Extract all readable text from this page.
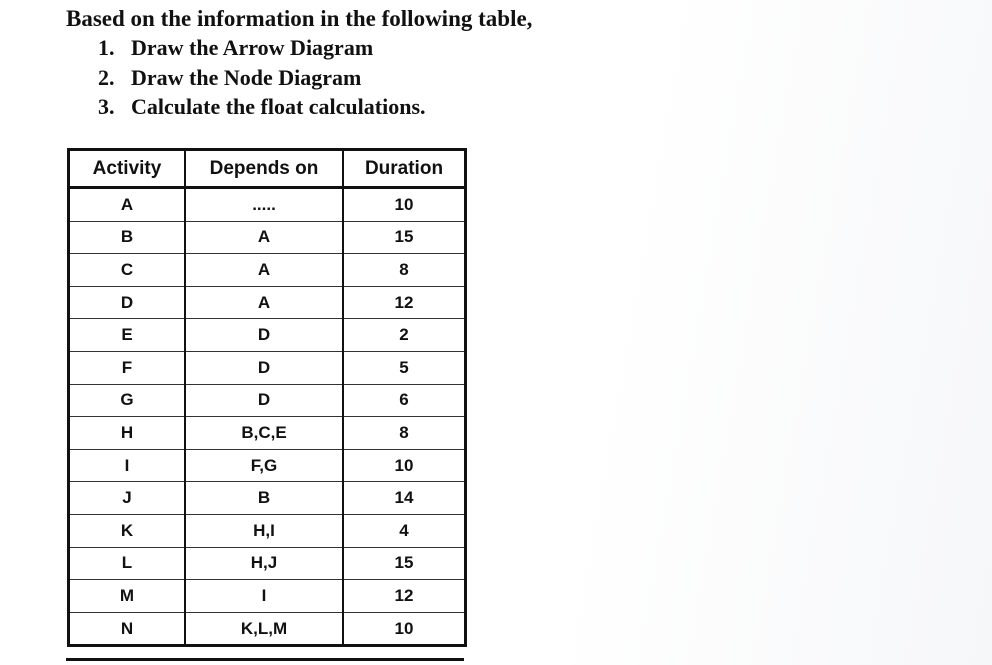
Based on the information in the following table,
1. Draw the Arrow Diagram
2. Draw the Node Diagram
3. Calculate the float calculations.
Activity	Depends on	Duration
A	.....	10
B	A	15
C	A	8
D	A	12
E	D	2
F	D	5
G	D	6
H	B,C,E	8
I	F,G	10
J	B	14
K	H,I	4
L	H,J	15
M	I	12
N	K,L,M	10
